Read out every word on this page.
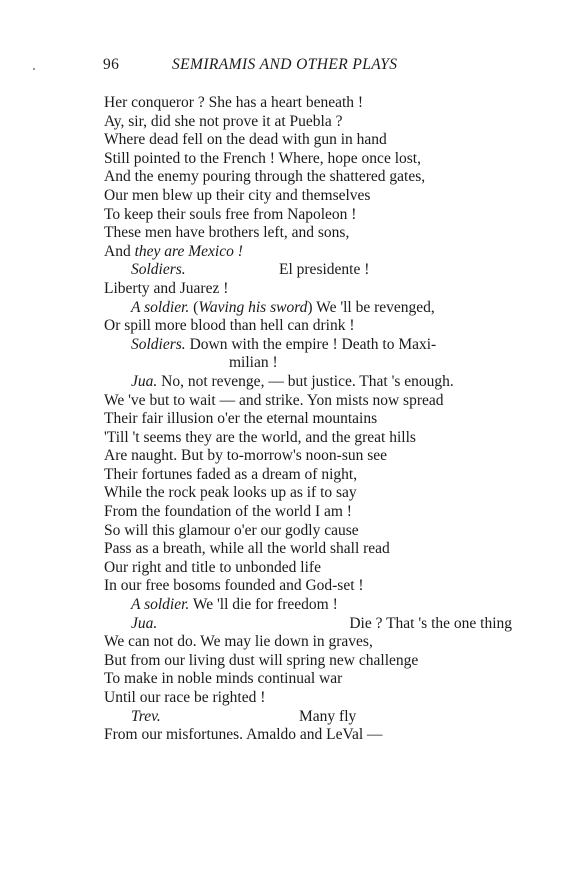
96	SEMIRAMIS AND OTHER PLAYS
Her conqueror ? She has a heart beneath !
Ay, sir, did she not prove it at Puebla ?
Where dead fell on the dead with gun in hand
Still pointed to the French ! Where, hope once lost,
And the enemy pouring through the shattered gates,
Our men blew up their city and themselves
To keep their souls free from Napoleon !
These men have brothers left, and sons,
And they are Mexico !
Soldiers.	El presidente !
Liberty and Juarez !
A soldier. (Waving his sword) We 'll be revenged,
Or spill more blood than hell can drink !
Soldiers. Down with the empire ! Death to Maxi-
milian !
Jua. No, not revenge, — but justice. That 's enough.
We 've but to wait — and strike. Yon mists now spread
Their fair illusion o'er the eternal mountains
'Till 't seems they are the world, and the great hills
Are naught. But by to-morrow's noon-sun see
Their fortunes faded as a dream of night,
While the rock peak looks up as if to say
From the foundation of the world I am !
So will this glamour o'er our godly cause
Pass as a breath, while all the world shall read
Our right and title to unbonded life
In our free bosoms founded and God-set !
A soldier. We 'll die for freedom !
Jua.	Die ? That 's the one thing
We can not do. We may lie down in graves,
But from our living dust will spring new challenge
To make in noble minds continual war
Until our race be righted !
Trev.	Many fly
From our misfortunes. Amaldo and LeVal —
